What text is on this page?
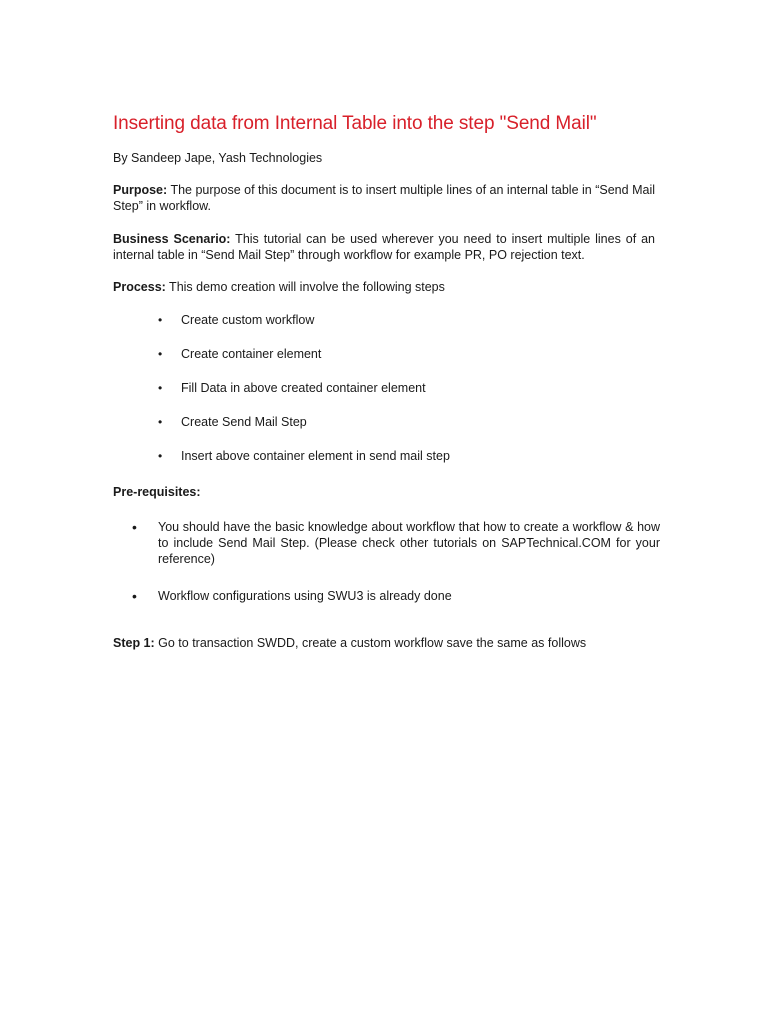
Inserting data from Internal Table into the step "Send Mail"
By Sandeep Jape, Yash Technologies

Purpose: The purpose of this document is to insert multiple lines of an internal table in “Send Mail Step” in workflow.

Business Scenario: This tutorial can be used wherever you need to insert multiple lines of an internal table in “Send Mail Step” through workflow for example PR, PO rejection text.

Process: This demo creation will involve the following steps

• Create custom workflow
• Create container element
• Fill Data in above created container element
• Create Send Mail Step
• Insert above container element in send mail step
Pre-requisites:
• You should have the basic knowledge about workflow that how to create a workflow & how to include Send Mail Step. (Please check other tutorials on SAPTechnical.COM for your reference)
• Workflow configurations using SWU3 is already done

Step 1: Go to transaction SWDD, create a custom workflow save the same as follows
